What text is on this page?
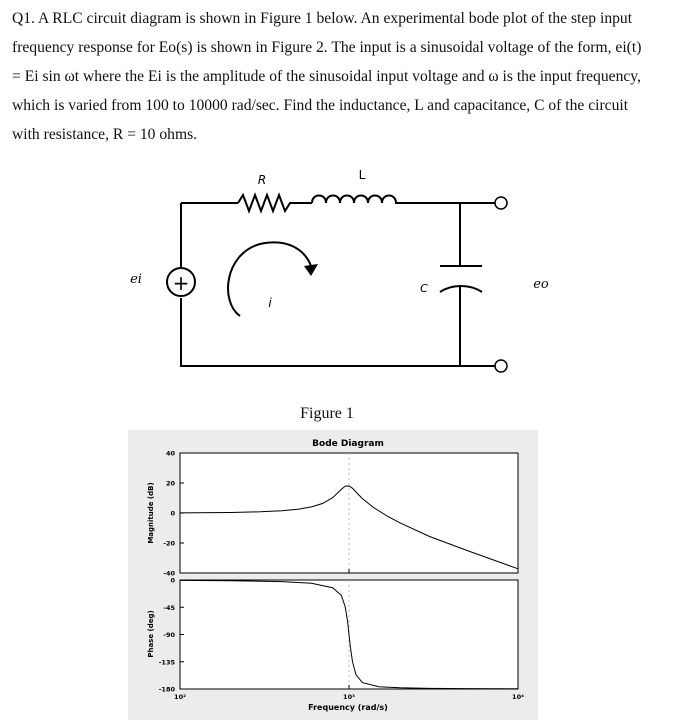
Q1. A RLC circuit diagram is shown in Figure 1 below. An experimental bode plot of the step input

frequency response for Eo(s) is shown in Figure 2. The input is a sinusoidal voltage of the form, ei(t)

= Ei sin ωt where the Ei is the amplitude of the sinusoidal input voltage and ω is the input frequency,

which is varied from 100 to 10000 rad/sec. Find the inductance, L and capacitance, C of the circuit

with resistance, R = 10 ohms.

+
R	L
C
i
ei	eo
Figure 1
Bode Diagram
40
20
0
-20
-40
0
-45
-90
-135
-180
10²	10³	10⁴
Magnitude (dB)
Phase (deg)
Frequency (rad/s)
